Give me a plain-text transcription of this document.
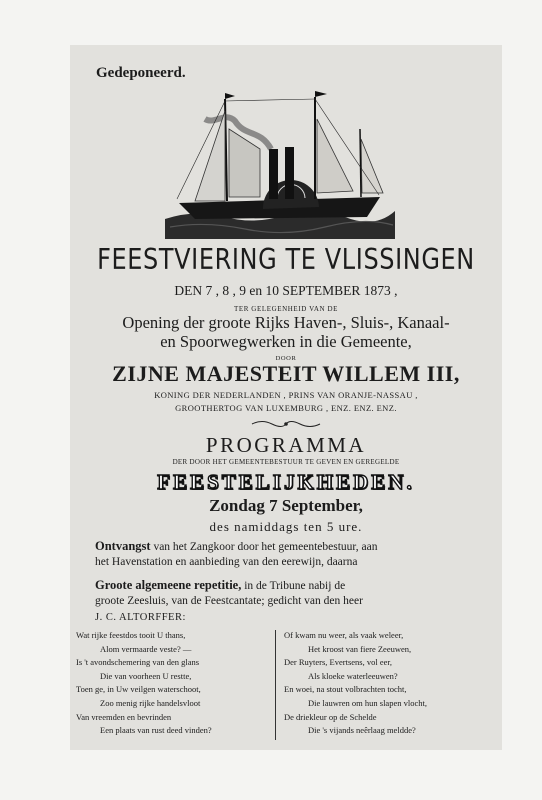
Gedeponeerd.
FEESTVIERING TE VLISSINGEN
DEN 7 , 8 , 9 en 10 SEPTEMBER 1873 ,
TER GELEGENHEID VAN DE
Opening der groote Rijks Haven-, Sluis-, Kanaal-
en Spoorwegwerken in die Gemeente,
DOOR
ZIJNE MAJESTEIT WILLEM III,
KONING DER NEDERLANDEN , PRINS VAN ORANJE-NASSAU ,
GROOTHERTOG VAN LUXEMBURG , ENZ. ENZ. ENZ.
PROGRAMMA
DER DOOR HET GEMEENTEBESTUUR TE GEVEN EN GEREGELDE
FEESTELIJKHEDEN.
Zondag 7 September,
des namiddags ten 5 ure.
Ontvangst van het Zangkoor door het gemeentebestuur, aan
het Havenstation en aanbieding van den eerewijn, daarna
Groote algemeene repetitie, in de Tribune nabij de
groote Zeesluis, van de Feestcantate; gedicht van den heer
J. C. ALTORFFER:
Wat rijke feestdos tooit U thans,
Alom vermaarde veste? —
Is 't avondschemering van den glans
Die van voorheen U restte,
Toen ge, in Uw veilgen waterschoot,
Zoo menig rijke handelsvloot
Van vreemden en bevrinden
Een plaats van rust deed vinden?
Of kwam nu weer, als vaak weleer,
Het kroost van fiere Zeeuwen,
Der Ruyters, Evertsens, vol eer,
Als kloeke waterleeuwen?
En woei, na stout volbrachten tocht,
Die lauwren om hun slapen vlocht,
De driekleur op de Schelde
Die 's vijands neêrlaag meldde?
